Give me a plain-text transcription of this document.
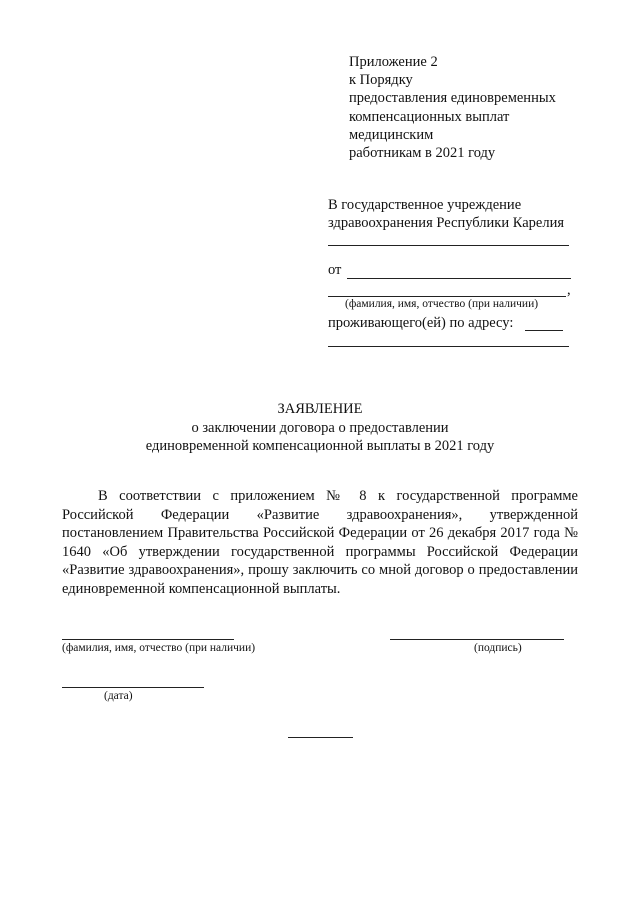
Приложение 2
к Порядку
предоставления единовременных
компенсационных выплат
медицинским
работникам в 2021 году
В государственное учреждение
здравоохранения Республики Карелия
от
,
(фамилия, имя, отчество (при наличии)
проживающего(ей) по адресу:
ЗАЯВЛЕНИЕ
о заключении договора о предоставлении
единовременной компенсационной выплаты в 2021 году

В соответствии с приложением № 8 к государственной программе Российской Федерации «Развитие здравоохранения», утвержденной постановлением Правительства Российской Федерации от 26 декабря 2017 года № 1640 «Об утверждении государственной программы Российской Федерации «Развитие здравоохранения», прошу заключить со мной договор о предоставлении единовременной компенсационной выплаты.

(фамилия, имя, отчество (при наличии)	(подпись)
(дата)
